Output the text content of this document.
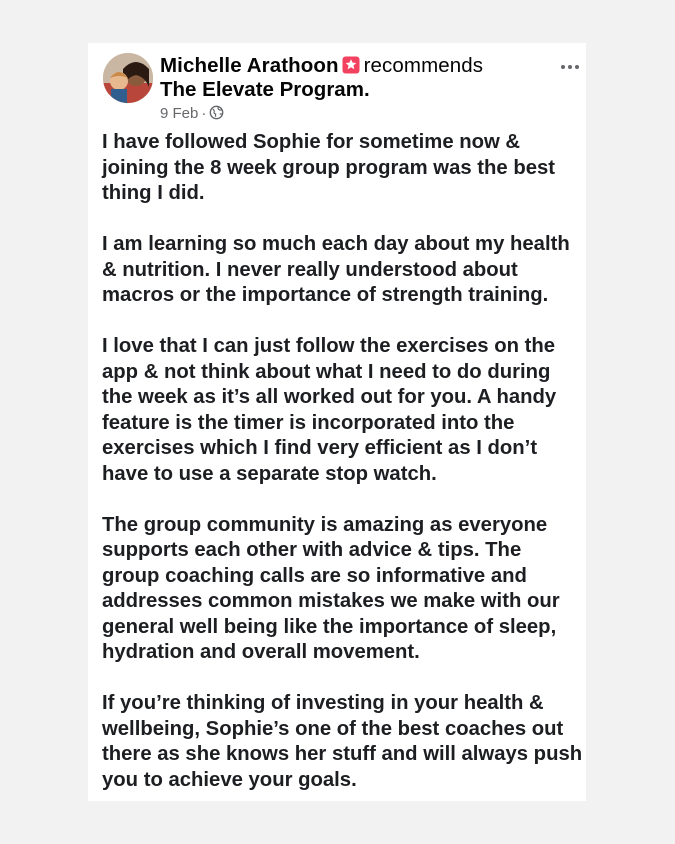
Michelle Arathoon recommends
The Elevate Program.
9 Feb ·

I have followed Sophie for sometime now & joining the 8 week group program was the best thing I did.

I am learning so much each day about my health & nutrition. I never really understood about macros or the importance of strength training.

I love that I can just follow the exercises on the app & not think about what I need to do during the week as it’s all worked out for you. A handy feature is the timer is incorporated into the exercises which I find very efficient as I don’t have to use a separate stop watch.

The group community is amazing as everyone supports each other with advice & tips. The group coaching calls are so informative and addresses common mistakes we make with our general well being like the importance of sleep, hydration and overall movement.

If you’re thinking of investing in your health & wellbeing, Sophie’s one of the best coaches out there as she knows her stuff and will always push you to achieve your goals.
